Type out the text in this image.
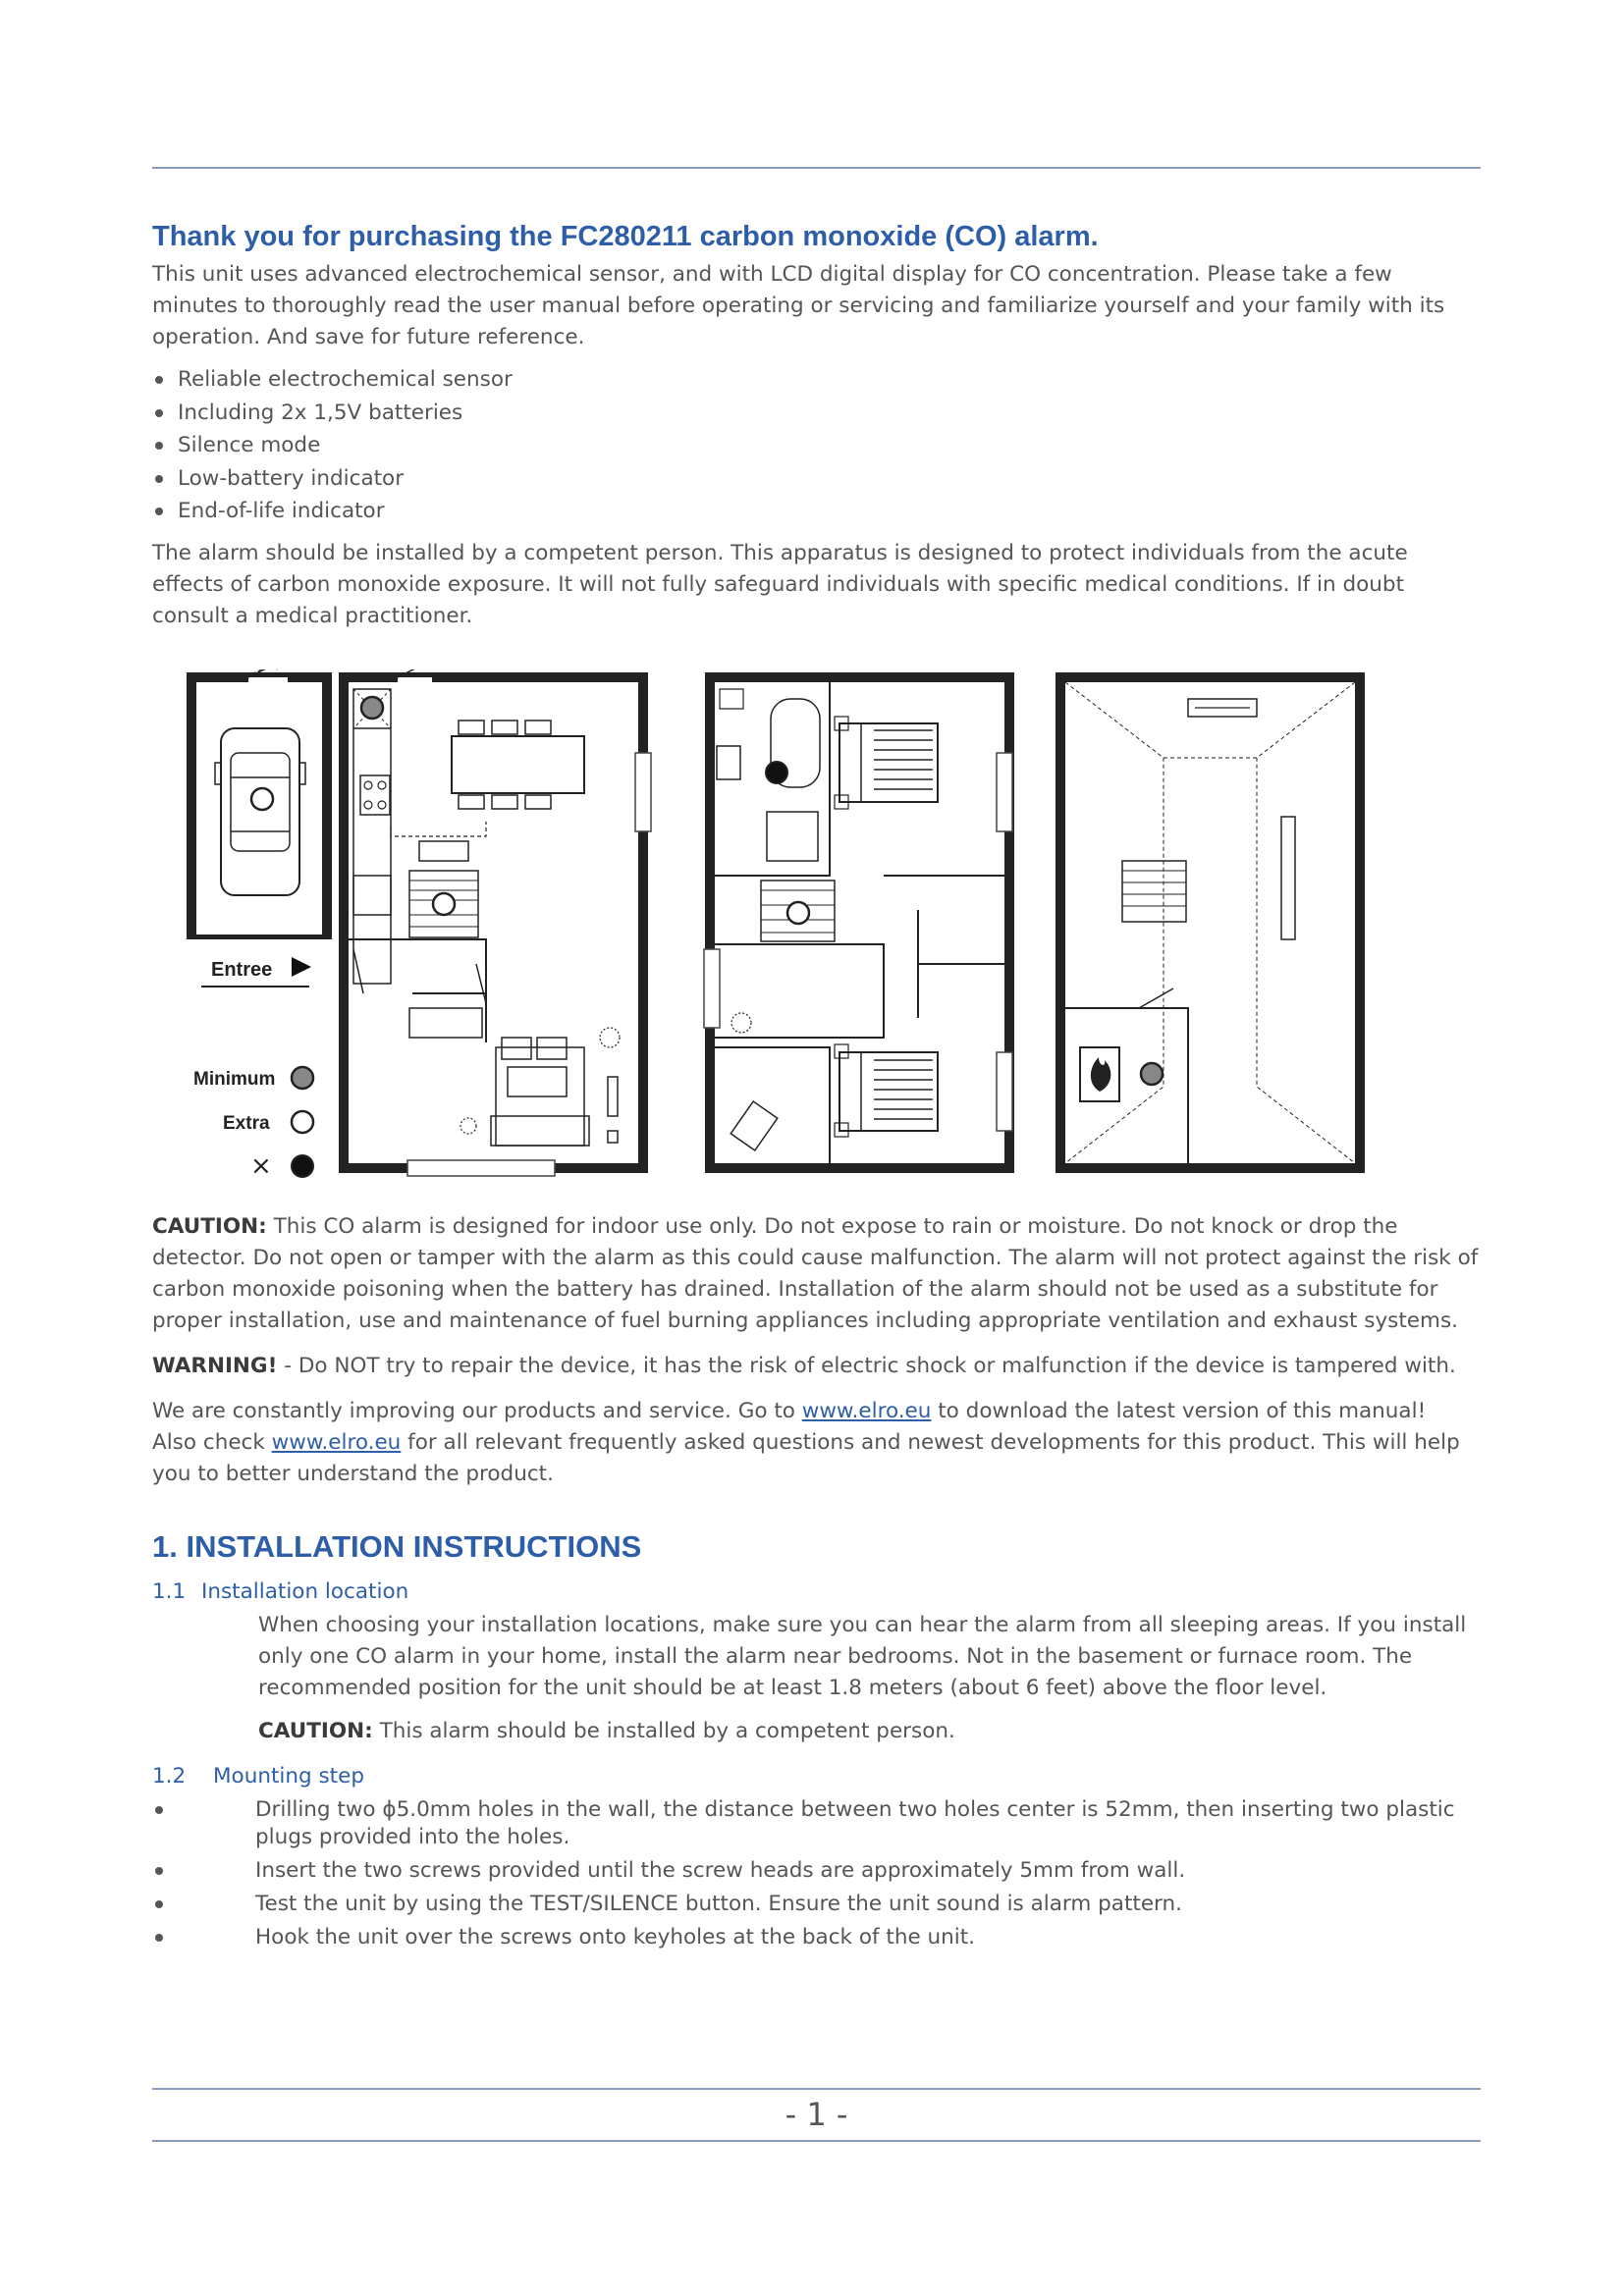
Thank you for purchasing the FC280211 carbon monoxide (CO) alarm.

This unit uses advanced electrochemical sensor, and with LCD digital display for CO concentration. Please take a few minutes to thoroughly read the user manual before operating or servicing and familiarize yourself and your family with its operation. And save for future reference.

Reliable electrochemical sensor
Including 2x 1,5V batteries
Silence mode
Low-battery indicator
End-of-life indicator

The alarm should be installed by a competent person. This apparatus is designed to protect individuals from the acute effects of carbon monoxide exposure. It will not fully safeguard individuals with specific medical conditions. If in doubt consult a medical practitioner.

Entree
Minimum
Extra
×

CAUTION: This CO alarm is designed for indoor use only. Do not expose to rain or moisture. Do not knock or drop the detector. Do not open or tamper with the alarm as this could cause malfunction. The alarm will not protect against the risk of carbon monoxide poisoning when the battery has drained. Installation of the alarm should not be used as a substitute for proper installation, use and maintenance of fuel burning appliances including appropriate ventilation and exhaust systems.

WARNING! - Do NOT try to repair the device, it has the risk of electric shock or malfunction if the device is tampered with.

We are constantly improving our products and service. Go to www.elro.eu to download the latest version of this manual!
Also check www.elro.eu for all relevant frequently asked questions and newest developments for this product. This will help you to better understand the product.

1. INSTALLATION INSTRUCTIONS
1.1 Installation location

When choosing your installation locations, make sure you can hear the alarm from all sleeping areas. If you install only one CO alarm in your home, install the alarm near bedrooms. Not in the basement or furnace room. The recommended position for the unit should be at least 1.8 meters (about 6 feet) above the floor level.

CAUTION: This alarm should be installed by a competent person.

1.2 Mounting step
Drilling two ϕ5.0mm holes in the wall, the distance between two holes center is 52mm, then inserting two plastic plugs provided into the holes.
Insert the two screws provided until the screw heads are approximately 5mm from wall.
Test the unit by using the TEST/SILENCE button. Ensure the unit sound is alarm pattern.
Hook the unit over the screws onto keyholes at the back of the unit.
- 1 -
